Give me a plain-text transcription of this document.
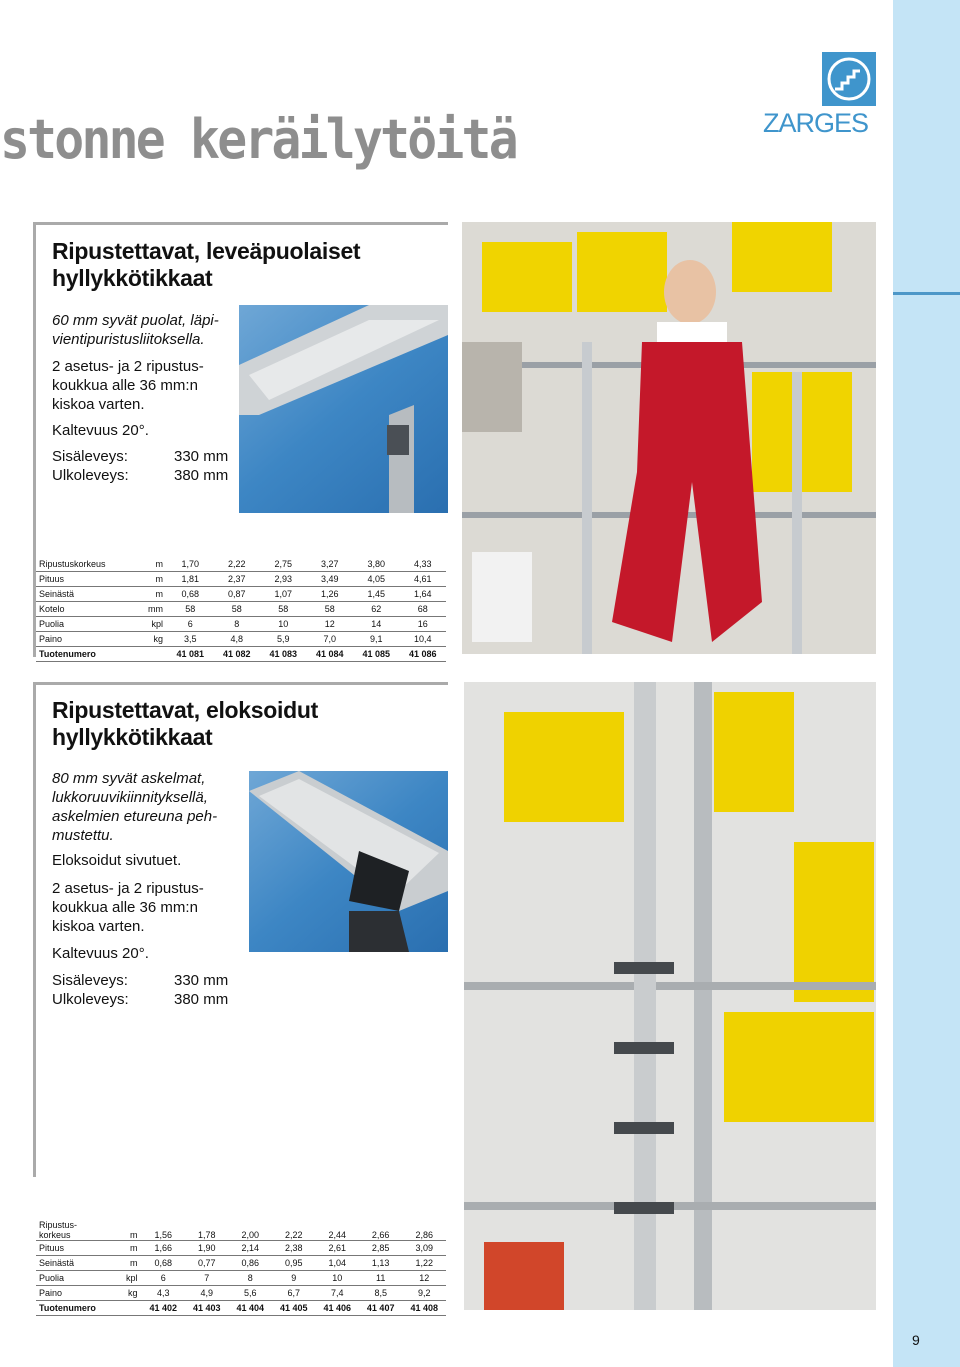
stonne keräilytöitä	ZARGES
Ripustettavat, leveäpuolaiset
hyllykkötikkaat
60 mm syvät puolat, läpi-
vientipuristusliitoksella.
2 asetus- ja 2 ripustus-
koukkua alle 36 mm:n
kiskoa varten.
Kaltevuus 20°.
Sisäleveys:	330 mm
Ulkoleveys:	380 mm
Ripustuskorkeus	m	1,70	2,22	2,75	3,27	3,80	4,33
Pituus	m	1,81	2,37	2,93	3,49	4,05	4,61
Seinästä	m	0,68	0,87	1,07	1,26	1,45	1,64
Kotelo	mm	58	58	58	58	62	68
Puolia	kpl	6	8	10	12	14	16
Paino	kg	3,5	4,8	5,9	7,0	9,1	10,4
Tuotenumero		41 081	41 082	41 083	41 084	41 085	41 086
Ripustettavat, eloksoidut
hyllykkötikkaat
80 mm syvät askelmat,
lukkoruuvikiinnityksellä,
askelmien etureuna peh-
mustettu.
Eloksoidut sivutuet.
2 asetus- ja 2 ripustus-
koukkua alle 36 mm:n
kiskoa varten.
Kaltevuus 20°.
Sisäleveys:	330 mm
Ulkoleveys:	380 mm
Ripustus-
korkeus	m	1,56	1,78	2,00	2,22	2,44	2,66	2,86
Pituus	m	1,66	1,90	2,14	2,38	2,61	2,85	3,09
Seinästä	m	0,68	0,77	0,86	0,95	1,04	1,13	1,22
Puolia	kpl	6	7	8	9	10	11	12
Paino	kg	4,3	4,9	5,6	6,7	7,4	8,5	9,2
Tuotenumero		41 402	41 403	41 404	41 405	41 406	41 407	41 408
9
